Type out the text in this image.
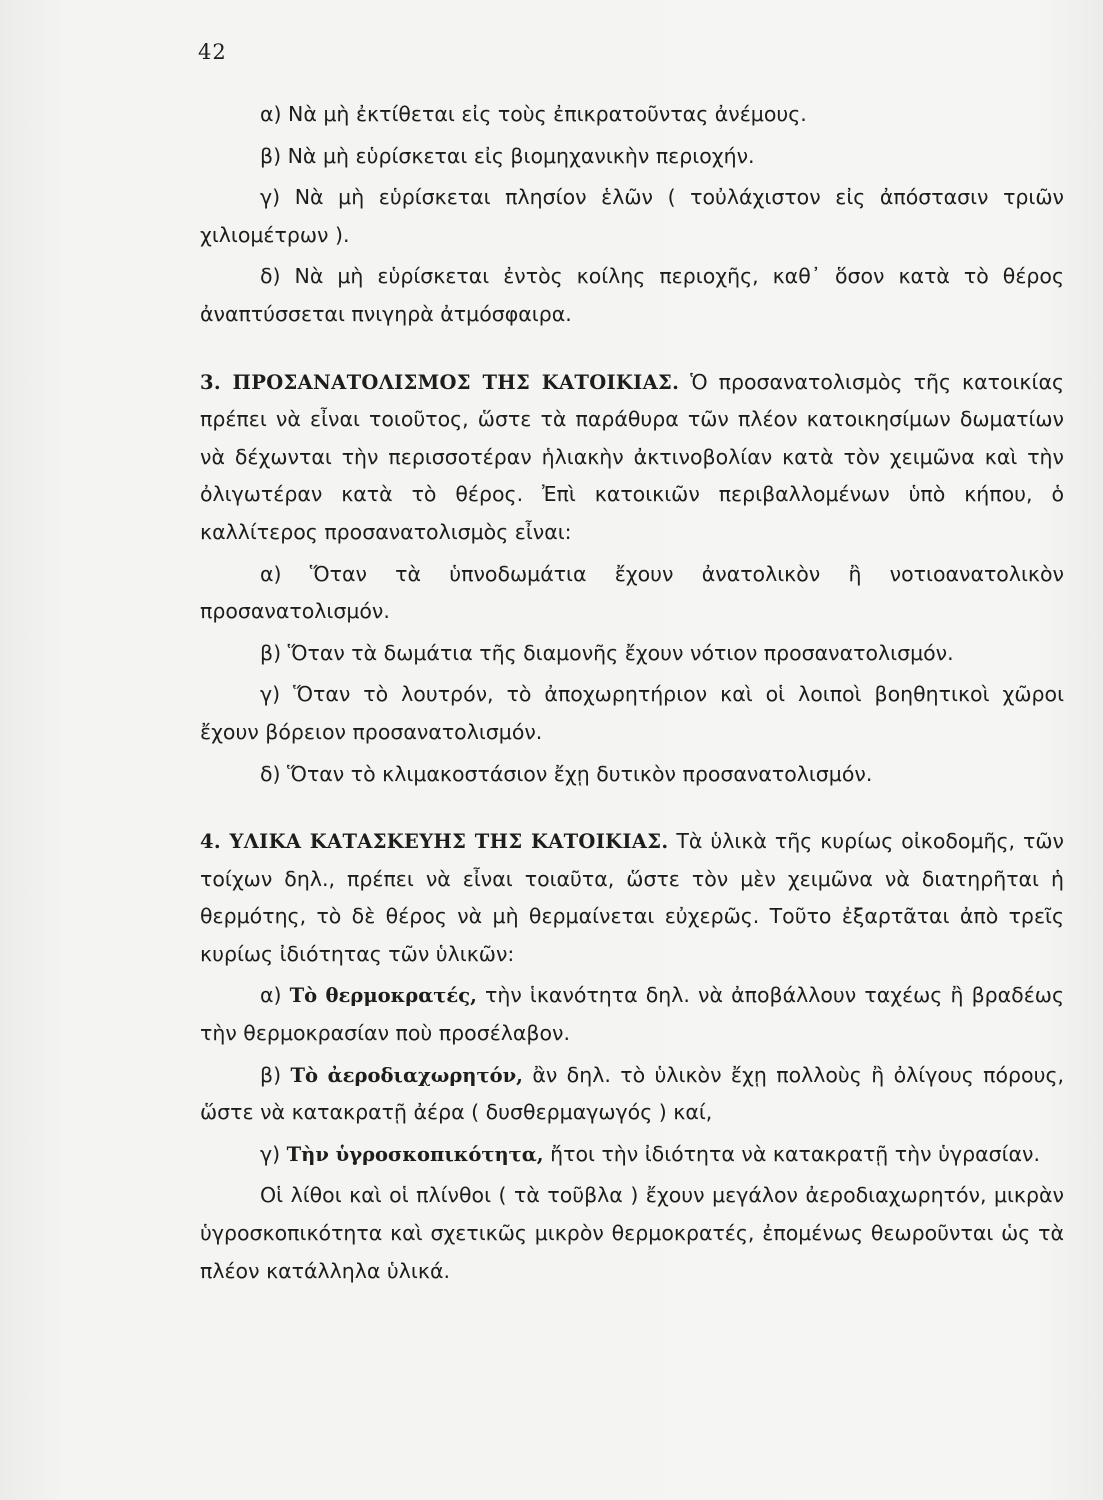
42

α) Νὰ μὴ ἐκτίθεται εἰς τοὺς ἐπικρατοῦντας ἀνέμους.

β) Νὰ μὴ εὑρίσκεται εἰς βιομηχανικὴν περιοχήν.

γ) Νὰ μὴ εὑρίσκεται πλησίον ἑλῶν ( τοὐλάχιστον εἰς ἀπόστασιν τριῶν χιλιομέτρων ).

δ) Νὰ μὴ εὑρίσκεται ἐντὸς κοίλης περιοχῆς, καθ᾽ ὅσον κατὰ τὸ θέρος ἀναπτύσσεται πνιγηρὰ ἀτμόσφαιρα.

3. ΠΡΟΣΑΝΑΤΟΛΙΣΜΟΣ ΤΗΣ ΚΑΤΟΙΚΙΑΣ. Ὁ προσανατολισμὸς τῆς κατοικίας πρέπει νὰ εἶναι τοιοῦτος, ὥστε τὰ παράθυρα τῶν πλέον κατοικησίμων δωματίων νὰ δέχωνται τὴν περισσοτέραν ἡλιακὴν ἀκτινοβολίαν κατὰ τὸν χειμῶνα καὶ τὴν ὀλιγωτέραν κατὰ τὸ θέρος. Ἐπὶ κατοικιῶν περιβαλλομένων ὑπὸ κήπου, ὁ καλλίτερος προσανατολισμὸς εἶναι:

α) Ὅταν τὰ ὑπνοδωμάτια ἔχουν ἀνατολικὸν ἢ νοτιοανατολικὸν προσανατολισμόν.

β) Ὅταν τὰ δωμάτια τῆς διαμονῆς ἔχουν νότιον προσανατολισμόν.

γ) Ὅταν τὸ λουτρόν, τὸ ἀποχωρητήριον καὶ οἱ λοιποὶ βοηθητικοὶ χῶροι ἔχουν βόρειον προσανατολισμόν.

δ) Ὅταν τὸ κλιμακοστάσιον ἔχῃ δυτικὸν προσανατολισμόν.

4. ΥΛΙΚΑ ΚΑΤΑΣΚΕΥΗΣ ΤΗΣ ΚΑΤΟΙΚΙΑΣ. Τὰ ὑλικὰ τῆς κυρίως οἰκοδομῆς, τῶν τοίχων δηλ., πρέπει νὰ εἶναι τοιαῦτα, ὥστε τὸν μὲν χειμῶνα νὰ διατηρῆται ἡ θερμότης, τὸ δὲ θέρος νὰ μὴ θερμαίνεται εὐχερῶς. Τοῦτο ἐξαρτᾶται ἀπὸ τρεῖς κυρίως ἰδιότητας τῶν ὑλικῶν:

α) Τὸ θερμοκρατές, τὴν ἱκανότητα δηλ. νὰ ἀποβάλλουν ταχέως ἢ βραδέως τὴν θερμοκρασίαν ποὺ προσέλαβον.

β) Τὸ ἀεροδιαχωρητόν, ἂν δηλ. τὸ ὑλικὸν ἔχῃ πολλοὺς ἢ ὀλίγους πόρους, ὥστε νὰ κατακρατῇ ἀέρα ( δυσθερμαγωγός ) καί,

γ) Τὴν ὑγροσκοπικότητα, ἤτοι τὴν ἰδιότητα νὰ κατακρατῇ τὴν ὑγρασίαν.

Οἱ λίθοι καὶ οἱ πλίνθοι ( τὰ τοῦβλα ) ἔχουν μεγάλον ἀεροδιαχωρητόν, μικρὰν ὑγροσκοπικότητα καὶ σχετικῶς μικρὸν θερμοκρατές, ἐπομένως θεωροῦνται ὡς τὰ πλέον κατάλληλα ὑλικά.
